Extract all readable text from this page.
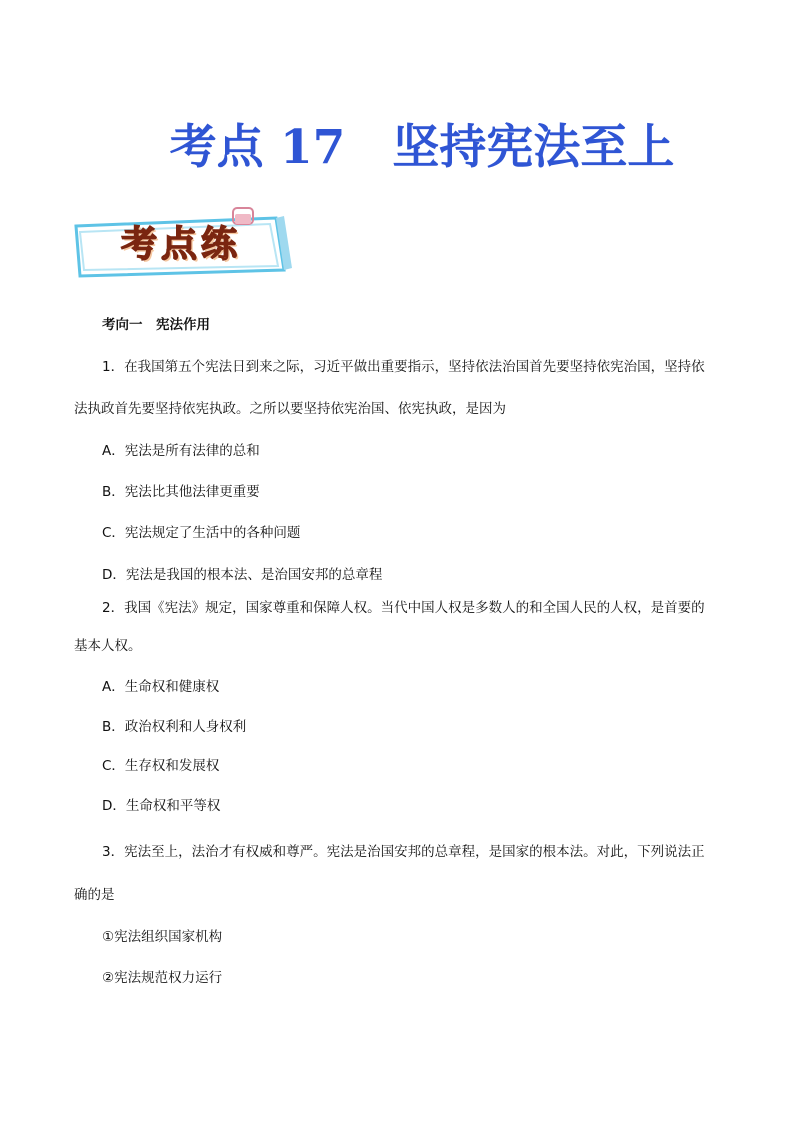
考点 17　坚持宪法至上
考点练
考向一　宪法作用
1．在我国第五个宪法日到来之际，习近平做出重要指示，坚持依法治国首先要坚持依宪治国，坚持依
法执政首先要坚持依宪执政。之所以要坚持依宪治国、依宪执政，是因为
A．宪法是所有法律的总和
B．宪法比其他法律更重要
C．宪法规定了生活中的各种问题
D．宪法是我国的根本法、是治国安邦的总章程
2．我国《宪法》规定，国家尊重和保障人权。当代中国人权是多数人的和全国人民的人权，是首要的
基本人权。
A．生命权和健康权
B．政治权利和人身权利
C．生存权和发展权
D．生命权和平等权
3．宪法至上，法治才有权威和尊严。宪法是治国安邦的总章程，是国家的根本法。对此，下列说法正
确的是
①宪法组织国家机构
②宪法规范权力运行
